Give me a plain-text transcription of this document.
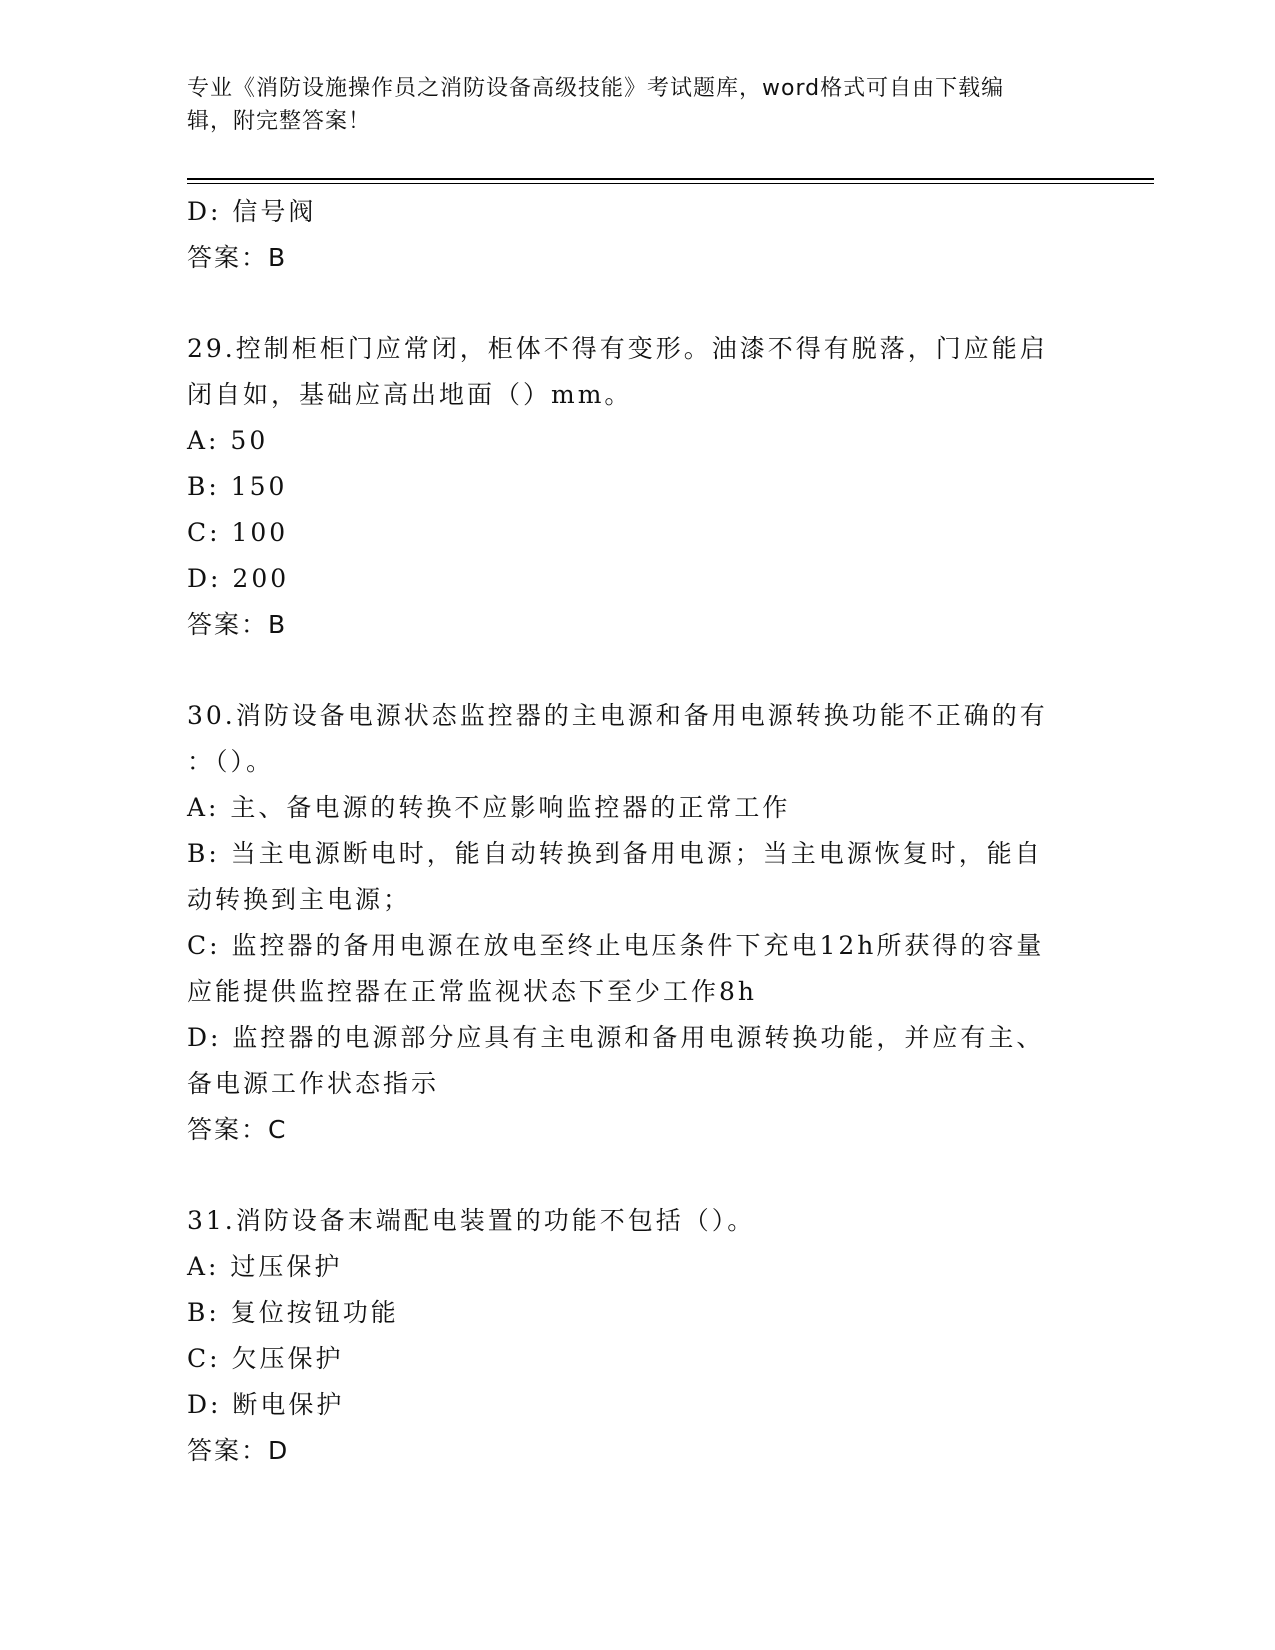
专业《消防设施操作员之消防设备高级技能》考试题库，word格式可自由下载编
辑，附完整答案！
D: 信号阀
答案：B
29.控制柜柜门应常闭，柜体不得有变形。油漆不得有脱落，门应能启
闭自如，基础应高出地面（）mm。
A: 50
B: 150
C: 100
D: 200
答案：B
30.消防设备电源状态监控器的主电源和备用电源转换功能不正确的有
：（）。
A: 主、备电源的转换不应影响监控器的正常工作
B: 当主电源断电时，能自动转换到备用电源；当主电源恢复时，能自
动转换到主电源；
C: 监控器的备用电源在放电至终止电压条件下充电12h所获得的容量
应能提供监控器在正常监视状态下至少工作8h
D: 监控器的电源部分应具有主电源和备用电源转换功能，并应有主、
备电源工作状态指示
答案：C
31.消防设备末端配电装置的功能不包括（）。
A: 过压保护
B: 复位按钮功能
C: 欠压保护
D: 断电保护
答案：D
